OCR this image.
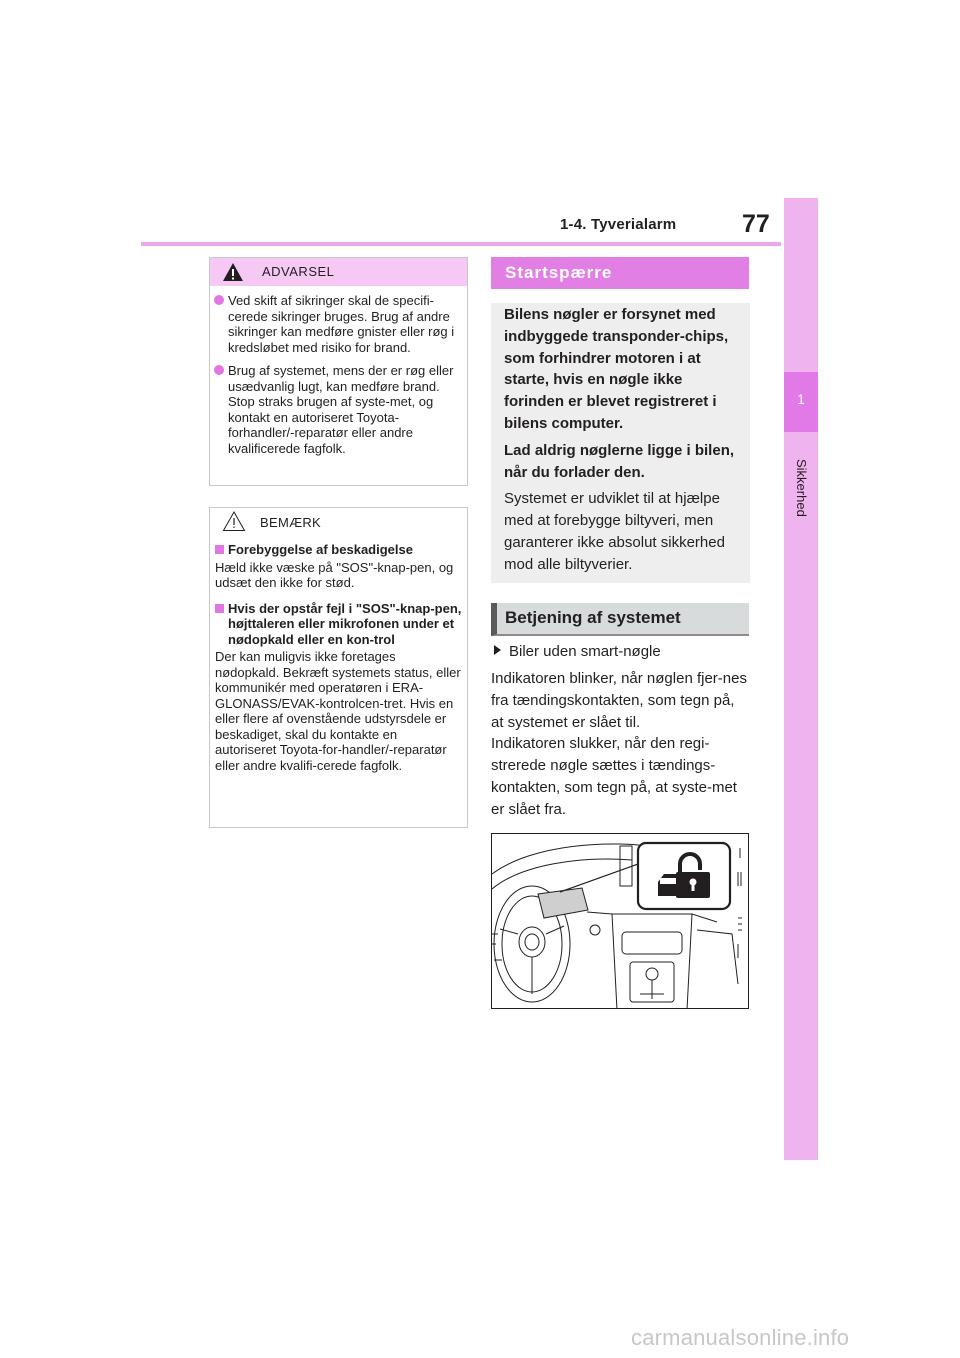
1-4. Tyverialarm	77
1
Sikkerhed
ADVARSEL
Ved skift af sikringer skal de specifi-cerede sikringer bruges. Brug af andre sikringer kan medføre gnister eller røg i kredsløbet med risiko for brand.
Brug af systemet, mens der er røg eller usædvanlig lugt, kan medføre brand. Stop straks brugen af syste-met, og kontakt en autoriseret Toyota-forhandler/-reparatør eller andre kvalificerede fagfolk.
BEMÆRK
Forebyggelse af beskadigelse
Hæld ikke væske på "SOS"-knap-pen, og udsæt den ikke for stød.
Hvis der opstår fejl i "SOS"-knap-pen, højttaleren eller mikrofonen under et nødopkald eller en kon-trol
Der kan muligvis ikke foretages nødopkald. Bekræft systemets status, eller kommunikér med operatøren i ERA-GLONASS/EVAK-kontrolcen-tret. Hvis en eller flere af ovenstående udstyrsdele er beskadiget, skal du kontakte en autoriseret Toyota-for-handler/-reparatør eller andre kvalifi-cerede fagfolk.
Startspærre

Bilens nøgler er forsynet med indbyggede transponder-chips, som forhindrer motoren i at starte, hvis en nøgle ikke forinden er blevet registreret i bilens computer.

Lad aldrig nøglerne ligge i bilen, når du forlader den.

Systemet er udviklet til at hjælpe med at forebygge biltyveri, men garanterer ikke absolut sikkerhed mod alle biltyverier.

Betjening af systemet
Biler uden smart-nøgle

Indikatoren blinker, når nøglen fjer-nes fra tændingskontakten, som tegn på, at systemet er slået til.

Indikatoren slukker, når den regi-strerede nøgle sættes i tændings-kontakten, som tegn på, at syste-met er slået fra.

carmanualsonline.info
